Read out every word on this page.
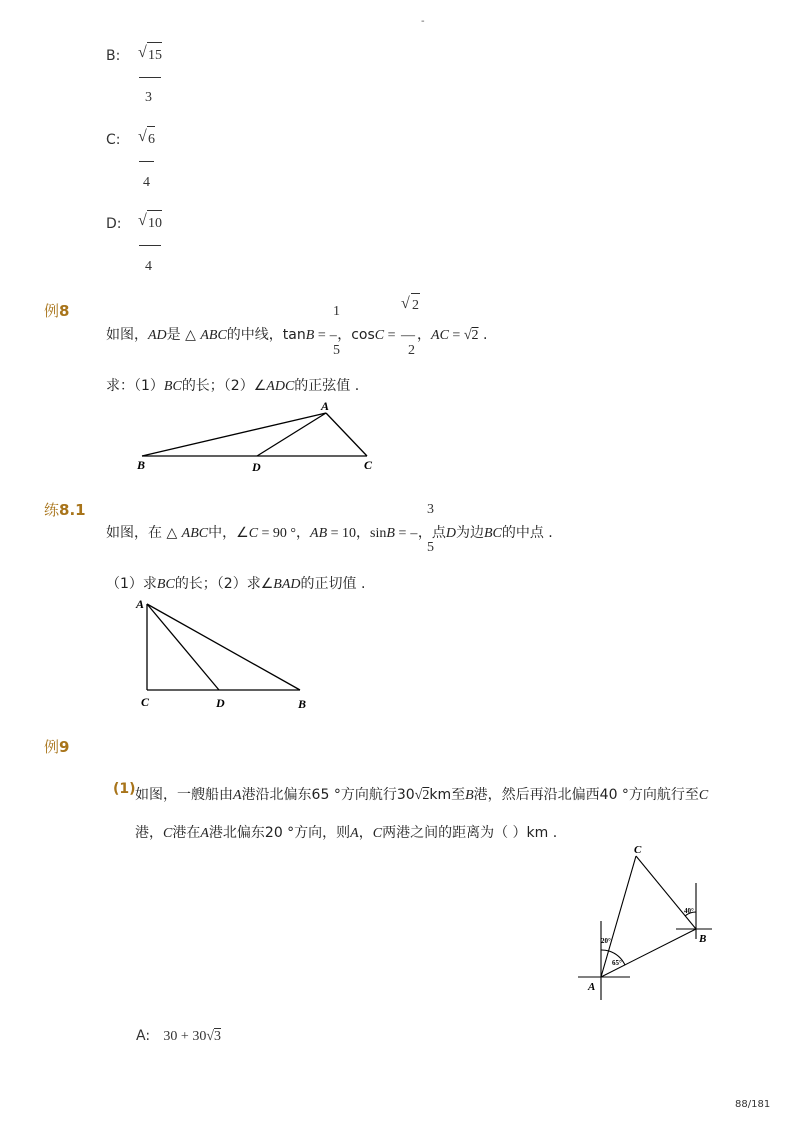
-
B: √ 15
3
C: √ 6
4
D: √ 10
4
例8	1
5
√ 2
2
如图，AD是 △ ABC的中线，tanB = –，cosC = — ，AC = √2 .
求：（1）BC的长；（2）∠ADC的正弦值 .
A
B	D	C
练8.1	3
5
如图，在 △ ABC中，∠C = 90 °，AB = 10，sinB = –，点D为边BC的中点 .
（1）求BC的长；（2）求∠BAD的正切值 .
A
C	D	B
例9
(1) 如图，一艘船由A港沿北偏东65 °方向航行30√2km至B港，然后再沿北偏西40 °方向航行至C
港，C港在A港北偏东20 °方向，则A，C两港之间的距离为（ ）km .
C
A
B
20°
65°
40°
A: 30 + 30√3
88/181
